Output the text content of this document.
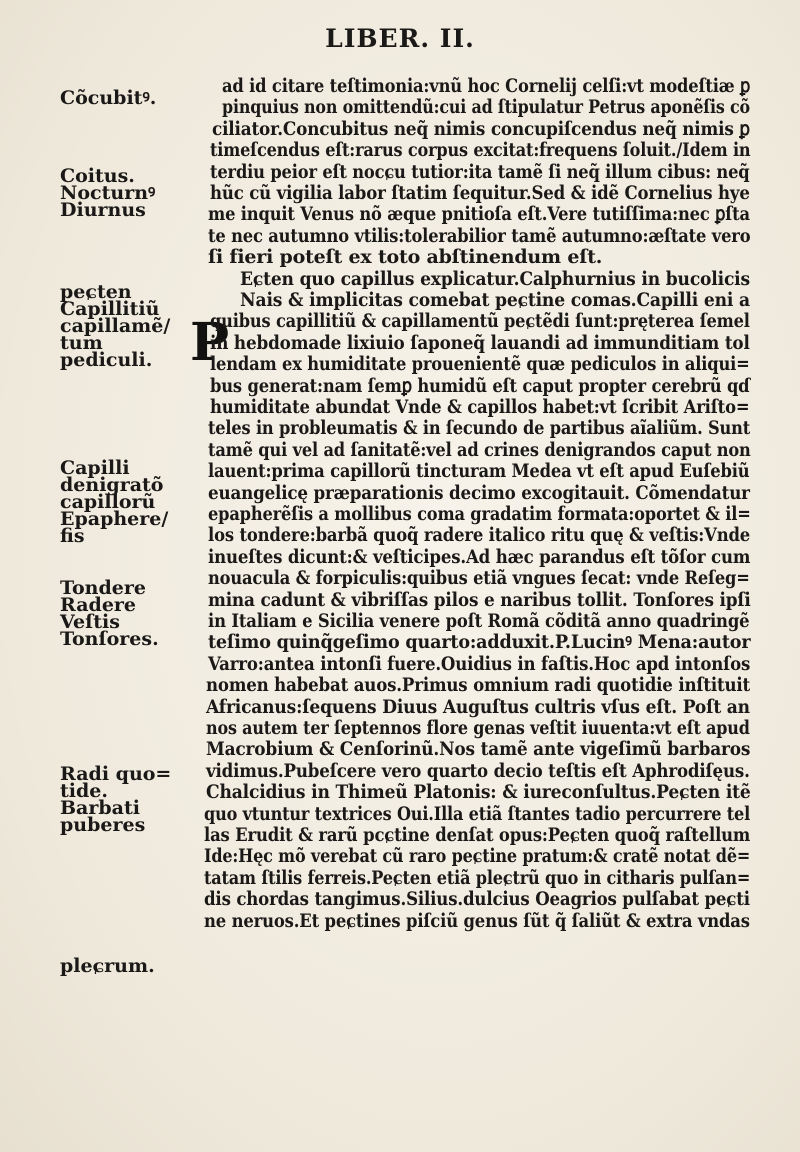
LIBER. II.
Cõcubitꝰ.
Coitus.
Nocturnꝰ
Diurnus
peɕten
Capillitiũ
capillamẽ/
tum
pediculi.
Capilli
denigratõ
capillorũ
Epaphere/
fis
Tondere
Radere
Veſtis
Tonſores.
Radi quo=
tide.
Barbati
puberes
pleɕrum.
P
ad id citare teſtimonia:vnũ hoc Cornelij celſi:vt modeſtiæ ꝑ
pinquius non omittendũ:cui ad ſtipulatur Petrus aponẽſis cõ
ciliator.Concubitus neq̃ nimis concupiſcendus neq̃ nimis ꝑ
timeſcendus eſt:rarus corpus excitat:frequens ſoluit./Idem in
terdiu peior eſt nocɕu tutior:ita tamẽ ſi neq̃ illum cibus: neq̃
hũc cũ vigilia labor ſtatim ſequitur.Sed & idẽ Cornelius hye
me inquit Venus nõ æque pnitioſa eſt.Vere tutiſſima:nec ꝑſta
te nec autumno vtilis:tolerabilior tamẽ autumno:æſtate vero
ſi fieri poteſt ex toto abſtinendum eſt.
Eɕten quo capillus explicatur.Calphurnius in bucolicis
Nais & implicitas comebat peɕtine comas.Capilli eni a
quibus capillitiũ & capillamentũ peɕtẽdi ſunt:pręterea ſemel
in hebdomade lixiuio ſaponeq̃ lauandi ad immunditiam tol
lendam ex humiditate prouenientẽ quæ pediculos in aliqui=
bus generat:nam ſemꝑ humidũ eſt caput propter cerebrũ qɗ
humiditate abundat Vnde & capillos habet:vt ſcribit Ariſto=
teles in probleumatis & in ſecundo de partibus aĩaliũm. Sunt
tamẽ qui vel ad ſanitatẽ:vel ad crines denigrandos caput non
lauent:prima capillorũ tincturam Medea vt eſt apud Euſebiũ
euangelicę præparationis decimo excogitauit. Cõmendatur
epapherẽſis a mollibus coma gradatim formata:oportet & il=
los tondere:barbã quoq̃ radere italico ritu quę & veſtis:Vnde
inueſtes dicunt:& veſticipes.Ad hæc parandus eſt tõſor cum
nouacula & forpiculis:quibus etiã vngues ſecat: vnde Reſeg=
mina cadunt & vibriſſas pilos e naribus tollit. Tonſores ipſi
in Italiam e Sicilia venere poſt Romã cõditã anno quadringẽ
teſimo quinq̃geſimo quarto:adduxit.P.Lucinꝰ Mena:autor
Varro:antea intonſi fuere.Ouidius in faſtis.Hoc apd intonſos
nomen habebat auos.Primus omnium radi quotidie inſtituit
Africanus:ſequens Diuus Auguſtus cultris vſus eſt. Poſt an
nos autem ter ſeptennos flore genas veſtit iuuenta:vt eſt apud
Macrobium & Cenſorinũ.Nos tamẽ ante vigeſimũ barbaros
vidimus.Pubeſcere vero quarto decio teſtis eſt Aphrodiſęus.
Chalcidius in Thimeũ Platonis: & iureconſultus.Peɕten itẽ
quo vtuntur textrices Oui.Illa etiã ſtantes tadio percurrere tel
las Erudit & rarũ pcɕtine denſat opus:Peɕten quoq̃ raſtellum
Ide:Hęc mõ verebat cũ raro peɕtine pratum:& cratẽ notat dẽ=
tatam ſtilis ferreis.Peɕten etiã pleɕtrũ quo in citharis pulſan=
dis chordas tangimus.Silius.dulcius Oeagrios pulſabat peɕti
ne neruos.Et peɕtines piſciũ genus ſũt q̃ ſaliũt & extra vndas
